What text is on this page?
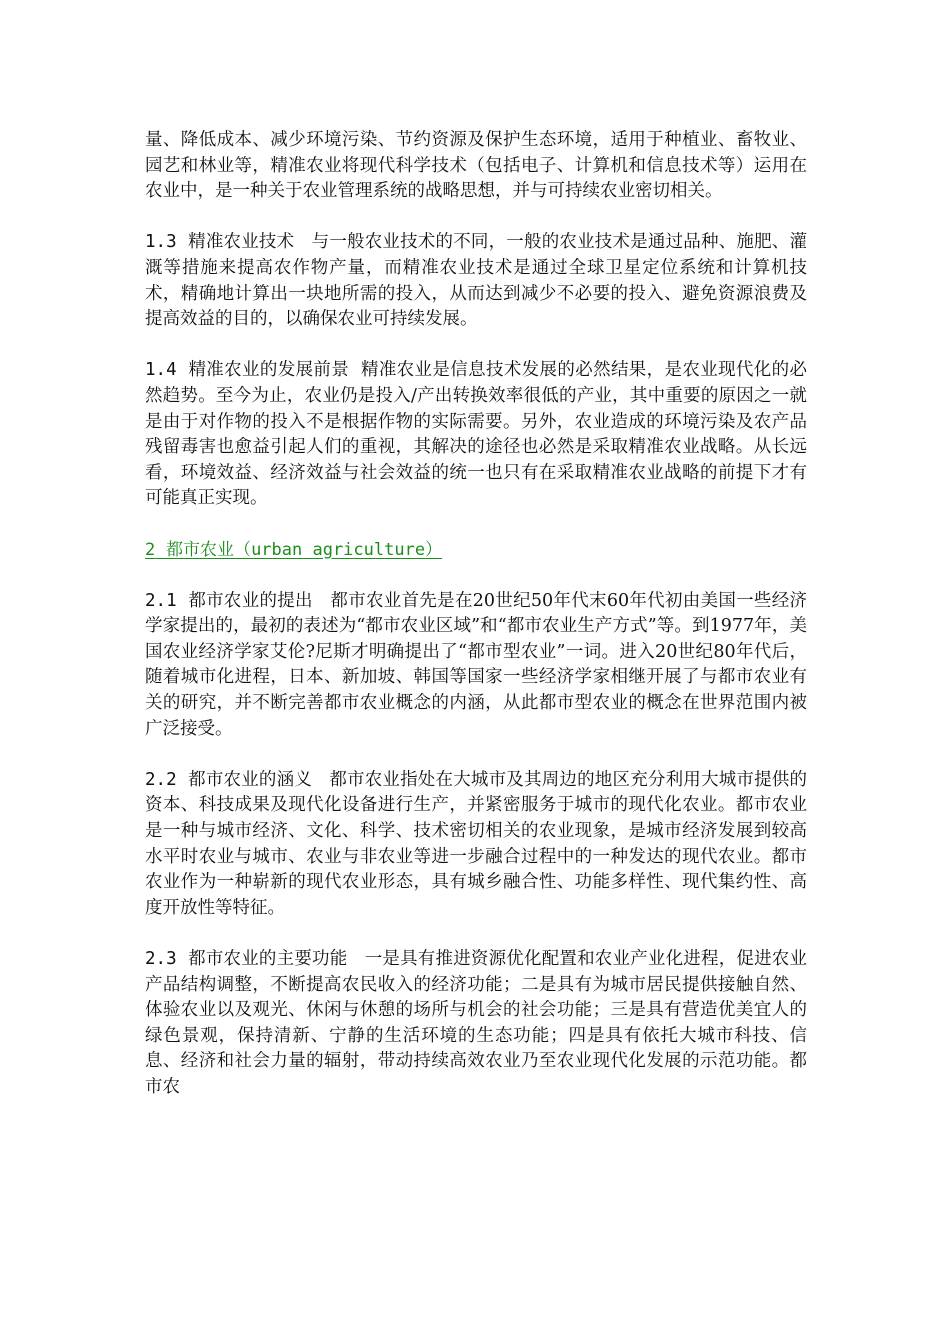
量、降低成本、减少环境污染、节约资源及保护生态环境，适用于种植业、畜牧业、园艺和林业等，精准农业将现代科学技术（包括电子、计算机和信息技术等）运用在农业中，是一种关于农业管理系统的战略思想，并与可持续农业密切相关。

1.3  精准农业技术   与一般农业技术的不同，一般的农业技术是通过品种、施肥、灌溉等措施来提高农作物产量，而精准农业技术是通过全球卫星定位系统和计算机技术，精确地计算出一块地所需的投入，从而达到减少不必要的投入、避免资源浪费及提高效益的目的，以确保农业可持续发展。

1.4  精准农业的发展前景  精准农业是信息技术发展的必然结果，是农业现代化的必然趋势。至今为止，农业仍是投入/产出转换效率很低的产业，其中重要的原因之一就是由于对作物的投入不是根据作物的实际需要。另外，农业造成的环境污染及农产品残留毒害也愈益引起人们的重视，其解决的途径也必然是采取精准农业战略。从长远看，环境效益、经济效益与社会效益的统一也只有在采取精准农业战略的前提下才有可能真正实现。

2  都市农业（urban agriculture）

2.1  都市农业的提出   都市农业首先是在20世纪50年代末60年代初由美国一些经济学家提出的，最初的表述为“都市农业区域”和“都市农业生产方式”等。到1977年，美国农业经济学家艾伦?尼斯才明确提出了“都市型农业”一词。进入20世纪80年代后，随着城市化进程，日本、新加坡、韩国等国家一些经济学家相继开展了与都市农业有关的研究，并不断完善都市农业概念的内涵，从此都市型农业的概念在世界范围内被广泛接受。

2.2  都市农业的涵义   都市农业指处在大城市及其周边的地区充分利用大城市提供的资本、科技成果及现代化设备进行生产，并紧密服务于城市的现代化农业。都市农业是一种与城市经济、文化、科学、技术密切相关的农业现象，是城市经济发展到较高水平时农业与城市、农业与非农业等进一步融合过程中的一种发达的现代农业。都市农业作为一种崭新的现代农业形态，具有城乡融合性、功能多样性、现代集约性、高度开放性等特征。

2.3  都市农业的主要功能   一是具有推进资源优化配置和农业产业化进程，促进农业产品结构调整，不断提高农民收入的经济功能；二是具有为城市居民提供接触自然、体验农业以及观光、休闲与休憩的场所与机会的社会功能；三是具有营造优美宜人的绿色景观，保持清新、宁静的生活环境的生态功能；四是具有依托大城市科技、信息、经济和社会力量的辐射，带动持续高效农业乃至农业现代化发展的示范功能。都市农
